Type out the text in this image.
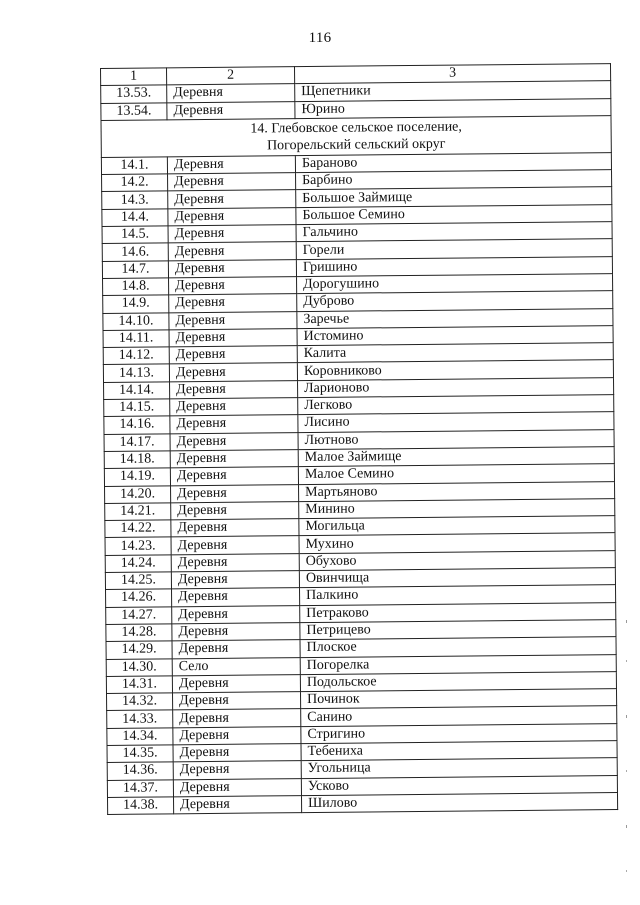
116
1	2	3
13.53.	Деревня	Щепетники
13.54.	Деревня	Юрино
14. Глебовское сельское поселение,
Погорельский сельский округ		
14.1.	Деревня	Бараново
14.2.	Деревня	Барбино
14.3.	Деревня	Большое Займище
14.4.	Деревня	Большое Семино
14.5.	Деревня	Гальчино
14.6.	Деревня	Горели
14.7.	Деревня	Гришино
14.8.	Деревня	Дорогушино
14.9.	Деревня	Дуброво
14.10.	Деревня	Заречье
14.11.	Деревня	Истомино
14.12.	Деревня	Калита
14.13.	Деревня	Коровниково
14.14.	Деревня	Ларионово
14.15.	Деревня	Легково
14.16.	Деревня	Лисино
14.17.	Деревня	Лютново
14.18.	Деревня	Малое Займище
14.19.	Деревня	Малое Семино
14.20.	Деревня	Мартьяново
14.21.	Деревня	Минино
14.22.	Деревня	Могильца
14.23.	Деревня	Мухино
14.24.	Деревня	Обухово
14.25.	Деревня	Овинчища
14.26.	Деревня	Палкино
14.27.	Деревня	Петраково
14.28.	Деревня	Петрицево
14.29.	Деревня	Плоское
14.30.	Село	Погорелка
14.31.	Деревня	Подольское
14.32.	Деревня	Починок
14.33.	Деревня	Санино
14.34.	Деревня	Стригино
14.35.	Деревня	Тебениха
14.36.	Деревня	Угольница
14.37.	Деревня	Усково
14.38.	Деревня	Шилово
